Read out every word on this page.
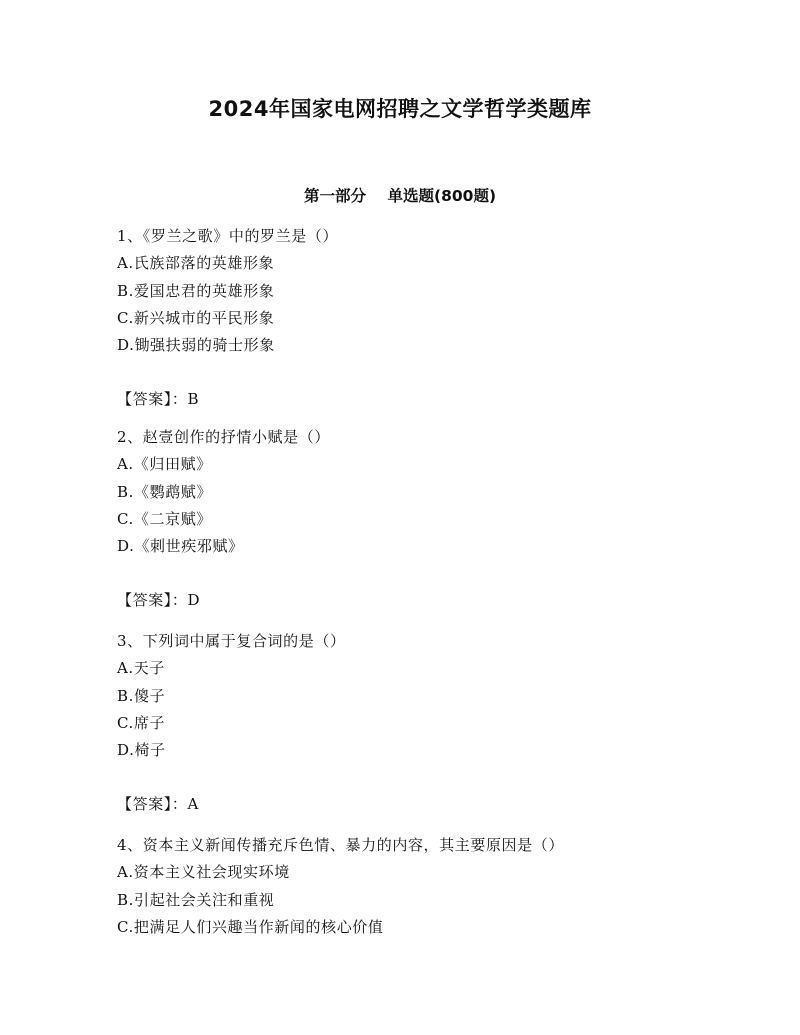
2024年国家电网招聘之文学哲学类题库
第一部分    单选题(800题)
1、《罗兰之歌》中的罗兰是（）
A.氏族部落的英雄形象
B.爱国忠君的英雄形象
C.新兴城市的平民形象
D.锄强扶弱的骑士形象
【答案】：B
2、赵壹创作的抒情小赋是（）
A.《归田赋》
B.《鹦鹉赋》
C.《二京赋》
D.《刺世疾邪赋》
【答案】：D
3、下列词中属于复合词的是（）
A.天子
B.傻子
C.席子
D.椅子
【答案】：A
4、资本主义新闻传播充斥色情、暴力的内容，其主要原因是（）
A.资本主义社会现实环境
B.引起社会关注和重视
C.把满足人们兴趣当作新闻的核心价值
